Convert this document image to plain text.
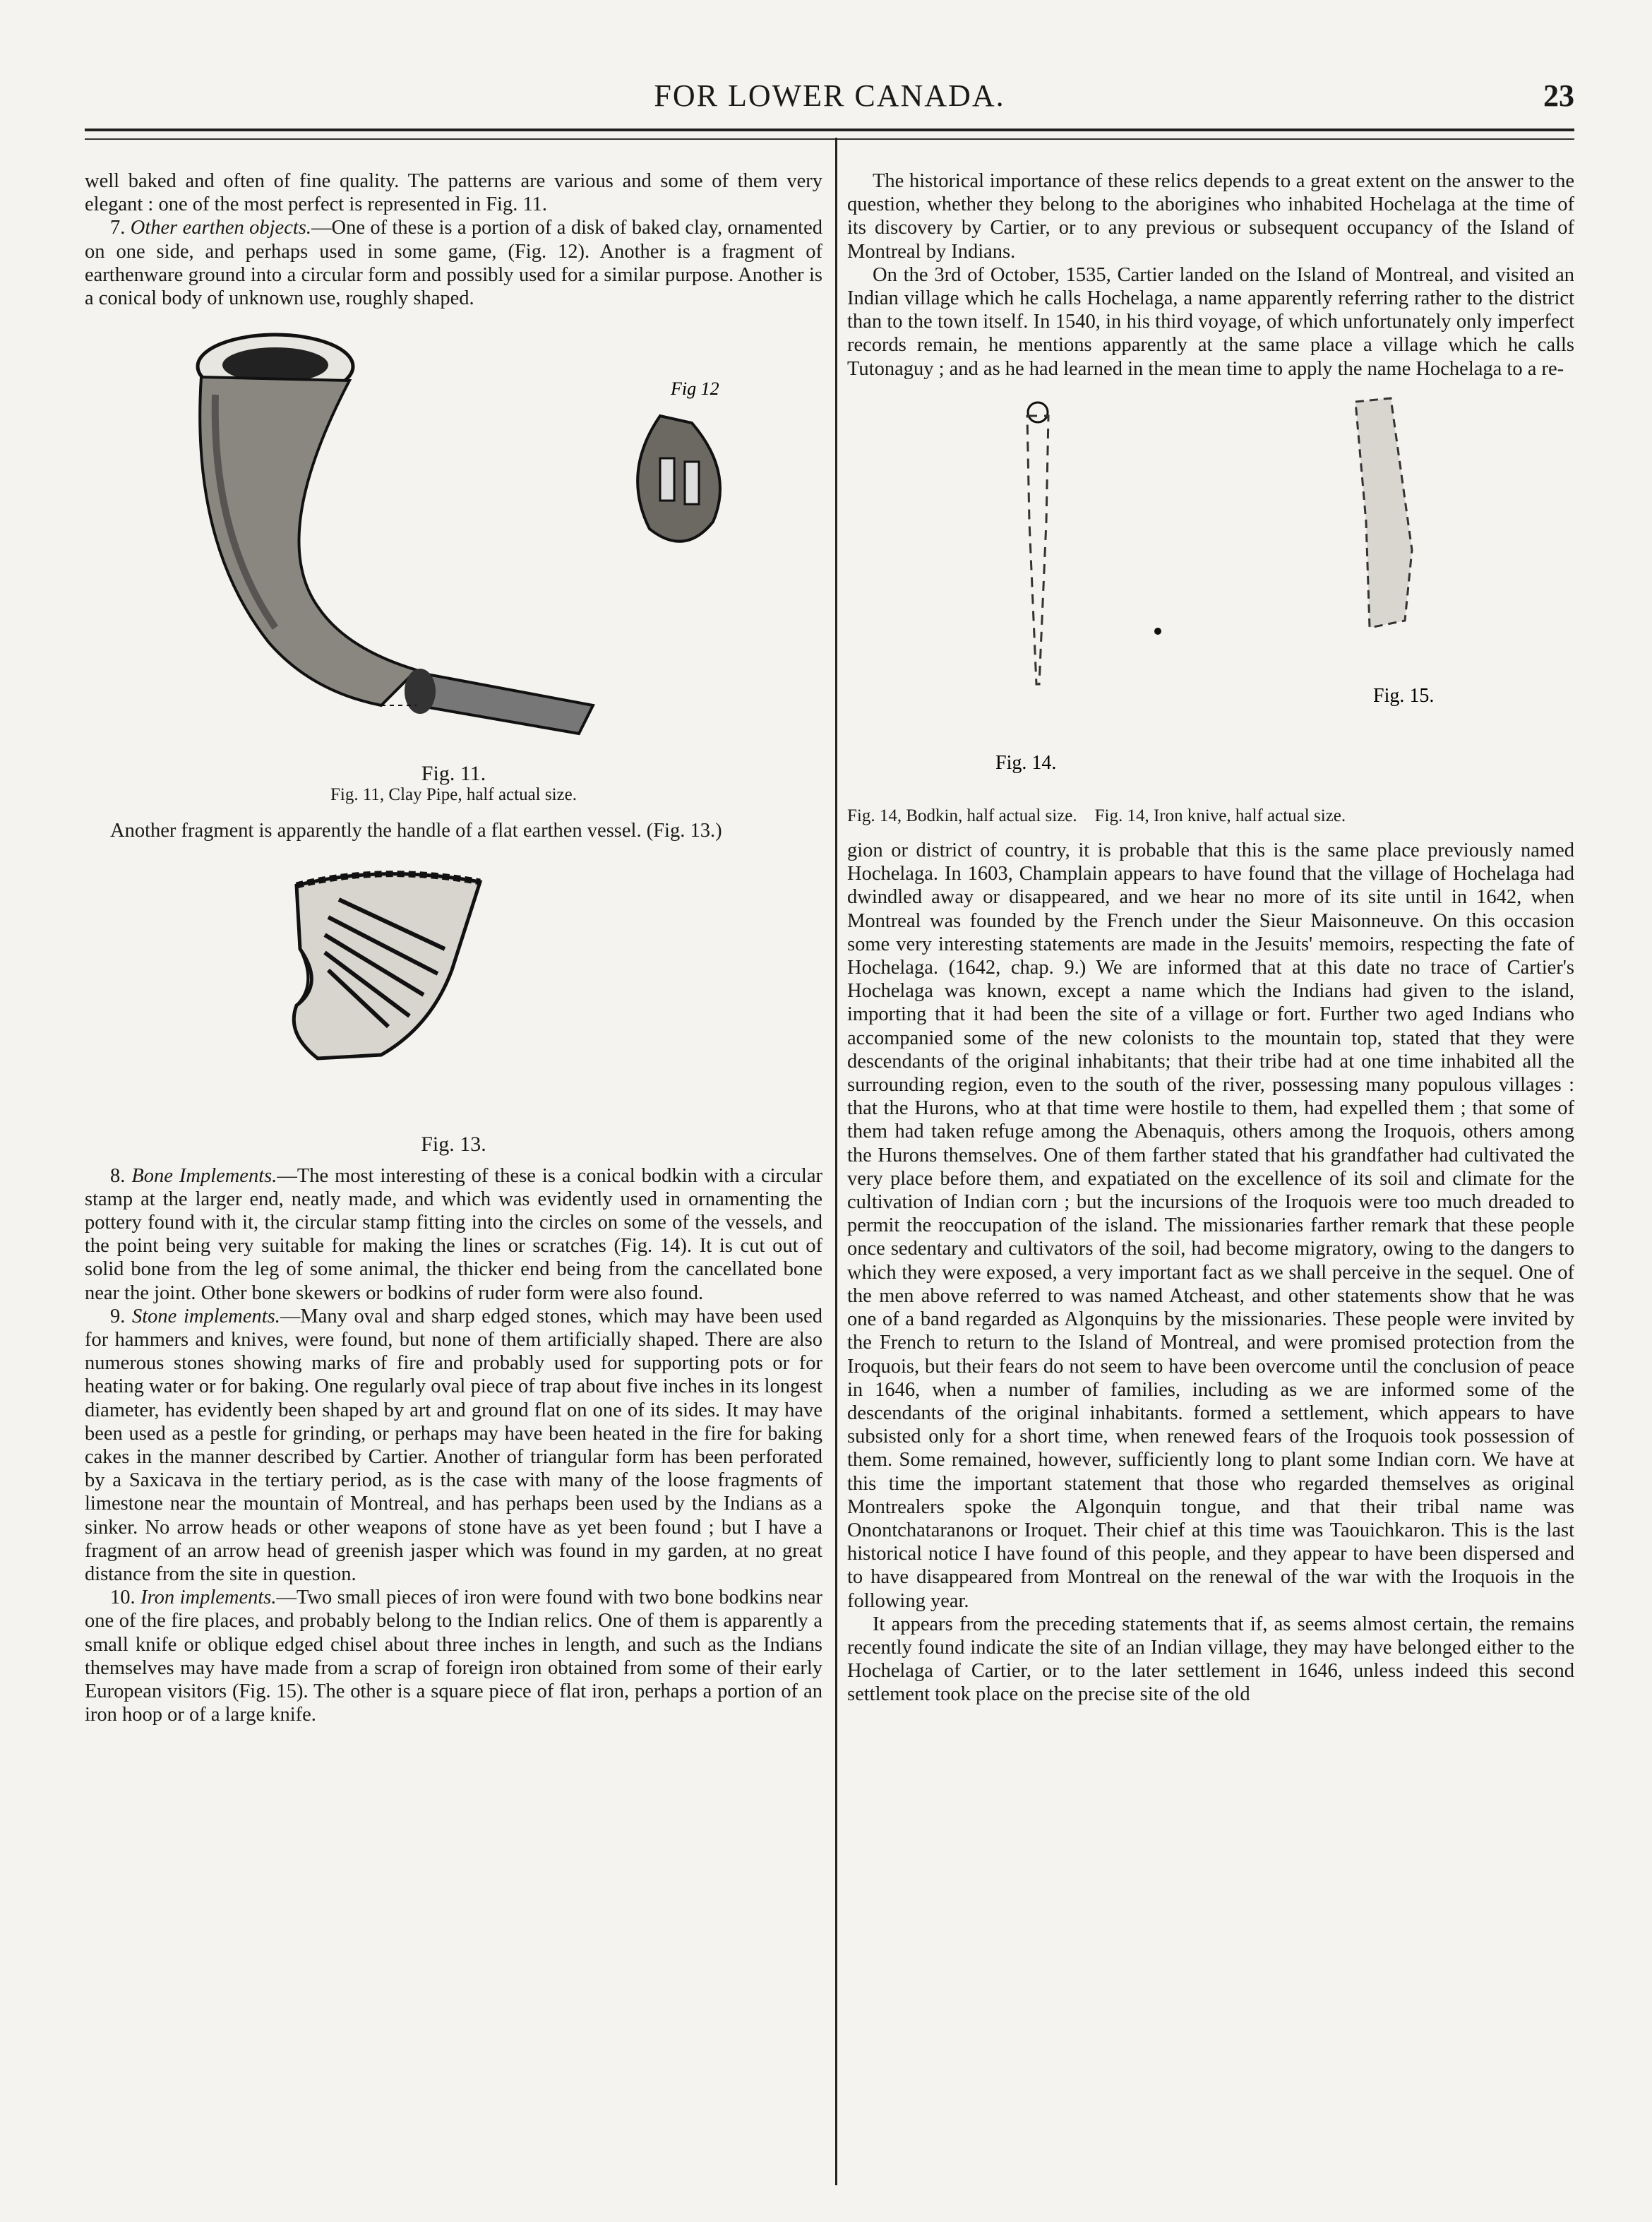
FOR LOWER CANADA.	23

well baked and often of fine quality. The patterns are various and some of them very elegant : one of the most perfect is represented in Fig. 11.

7. Other earthen objects.—One of these is a portion of a disk of baked clay, ornamented on one side, and perhaps used in some game, (Fig. 12). Another is a fragment of earthenware ground into a circular form and possibly used for a similar purpose. Another is a conical body of unknown use, roughly shaped.

Fig 12
Fig. 11.
Fig. 11, Clay Pipe, half actual size.

Another fragment is apparently the handle of a flat earthen vessel. (Fig. 13.)

Fig. 13.

8. Bone Implements.—The most interesting of these is a conical bodkin with a circular stamp at the larger end, neatly made, and which was evidently used in ornamenting the pottery found with it, the circular stamp fitting into the circles on some of the vessels, and the point being very suitable for making the lines or scratches (Fig. 14). It is cut out of solid bone from the leg of some animal, the thicker end being from the cancellated bone near the joint. Other bone skewers or bodkins of ruder form were also found.

9. Stone implements.—Many oval and sharp edged stones, which may have been used for hammers and knives, were found, but none of them artificially shaped. There are also numerous stones showing marks of fire and probably used for supporting pots or for heating water or for baking. One regularly oval piece of trap about five inches in its longest diameter, has evidently been shaped by art and ground flat on one of its sides. It may have been used as a pestle for grinding, or perhaps may have been heated in the fire for baking cakes in the manner described by Cartier. Another of triangular form has been perforated by a Saxicava in the tertiary period, as is the case with many of the loose fragments of limestone near the mountain of Montreal, and has perhaps been used by the Indians as a sinker. No arrow heads or other weapons of stone have as yet been found ; but I have a fragment of an arrow head of greenish jasper which was found in my garden, at no great distance from the site in question.

10. Iron implements.—Two small pieces of iron were found with two bone bodkins near one of the fire places, and probably belong to the Indian relics. One of them is apparently a small knife or oblique edged chisel about three inches in length, and such as the Indians themselves may have made from a scrap of foreign iron obtained from some of their early European visitors (Fig. 15). The other is a square piece of flat iron, perhaps a portion of an iron hoop or of a large knife.

The historical importance of these relics depends to a great extent on the answer to the question, whether they belong to the aborigines who inhabited Hochelaga at the time of its discovery by Cartier, or to any previous or subsequent occupancy of the Island of Montreal by Indians.

On the 3rd of October, 1535, Cartier landed on the Island of Montreal, and visited an Indian village which he calls Hochelaga, a name apparently referring rather to the district than to the town itself. In 1540, in his third voyage, of which unfortunately only imperfect records remain, he mentions apparently at the same place a village which he calls Tutonaguy ; and as he had learned in the mean time to apply the name Hochelaga to a re-

Fig. 15.
Fig. 14.
Fig. 14, Bodkin, half actual size.    Fig. 14, Iron knive, half actual size.

gion or district of country, it is probable that this is the same place previously named Hochelaga. In 1603, Champlain appears to have found that the village of Hochelaga had dwindled away or disappeared, and we hear no more of its site until in 1642, when Montreal was founded by the French under the Sieur Maisonneuve. On this occasion some very interesting statements are made in the Jesuits' memoirs, respecting the fate of Hochelaga. (1642, chap. 9.) We are informed that at this date no trace of Cartier's Hochelaga was known, except a name which the Indians had given to the island, importing that it had been the site of a village or fort. Further two aged Indians who accompanied some of the new colonists to the mountain top, stated that they were descendants of the original inhabitants; that their tribe had at one time inhabited all the surrounding region, even to the south of the river, possessing many populous villages : that the Hurons, who at that time were hostile to them, had expelled them ; that some of them had taken refuge among the Abenaquis, others among the Iroquois, others among the Hurons themselves. One of them farther stated that his grandfather had cultivated the very place before them, and expatiated on the excellence of its soil and climate for the cultivation of Indian corn ; but the incursions of the Iroquois were too much dreaded to permit the reoccupation of the island. The missionaries farther remark that these people once sedentary and cultivators of the soil, had become migratory, owing to the dangers to which they were exposed, a very important fact as we shall perceive in the sequel. One of the men above referred to was named Atcheast, and other statements show that he was one of a band regarded as Algonquins by the missionaries. These people were invited by the French to return to the Island of Montreal, and were promised protection from the Iroquois, but their fears do not seem to have been overcome until the conclusion of peace in 1646, when a number of families, including as we are informed some of the descendants of the original inhabitants. formed a settlement, which appears to have subsisted only for a short time, when renewed fears of the Iroquois took possession of them. Some remained, however, sufficiently long to plant some Indian corn. We have at this time the important statement that those who regarded themselves as original Montrealers spoke the Algonquin tongue, and that their tribal name was Onontchataranons or Iroquet. Their chief at this time was Taouichkaron. This is the last historical notice I have found of this people, and they appear to have been dispersed and to have disappeared from Montreal on the renewal of the war with the Iroquois in the following year.

It appears from the preceding statements that if, as seems almost certain, the remains recently found indicate the site of an Indian village, they may have belonged either to the Hochelaga of Cartier, or to the later settlement in 1646, unless indeed this second settlement took place on the precise site of the old
